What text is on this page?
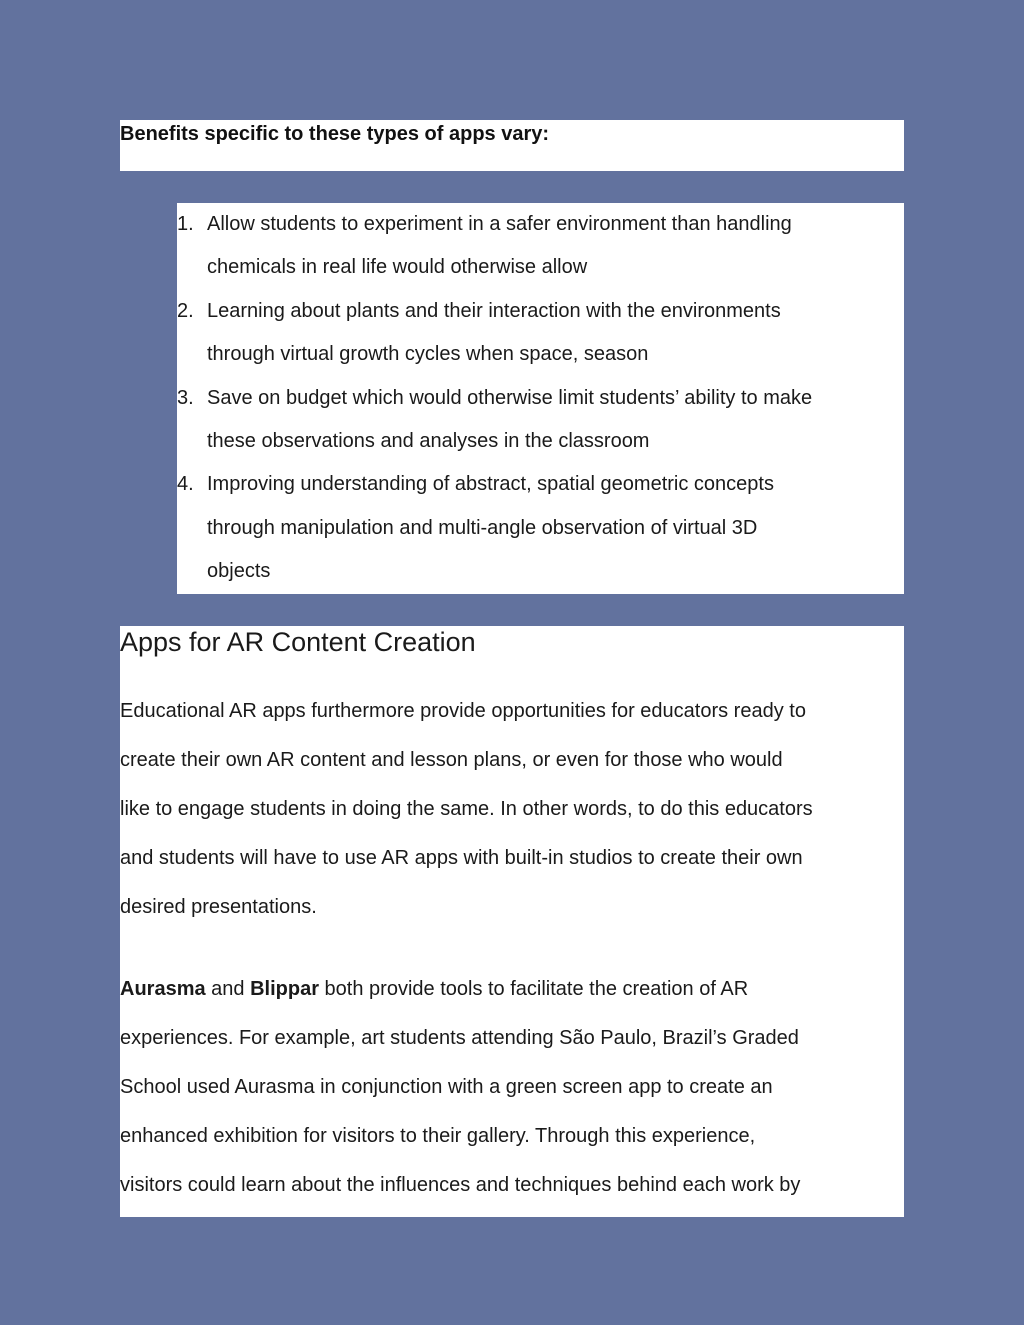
Benefits specific to these types of apps vary:

1. Allow students to experiment in a safer environment than handling
chemicals in real life would otherwise allow
2. Learning about plants and their interaction with the environments
through virtual growth cycles when space, season
3. Save on budget which would otherwise limit students’ ability to make
these observations and analyses in the classroom
4. Improving understanding of abstract, spatial geometric concepts
through manipulation and multi-angle observation of virtual 3D
objects
Apps for AR Content Creation

Educational AR apps furthermore provide opportunities for educators ready to
create their own AR content and lesson plans, or even for those who would
like to engage students in doing the same. In other words, to do this educators
and students will have to use AR apps with built-in studios to create their own
desired presentations.

Aurasma and Blippar both provide tools to facilitate the creation of AR
experiences. For example, art students attending São Paulo, Brazil’s Graded
School used Aurasma in conjunction with a green screen app to create an
enhanced exhibition for visitors to their gallery. Through this experience,
visitors could learn about the influences and techniques behind each work by
